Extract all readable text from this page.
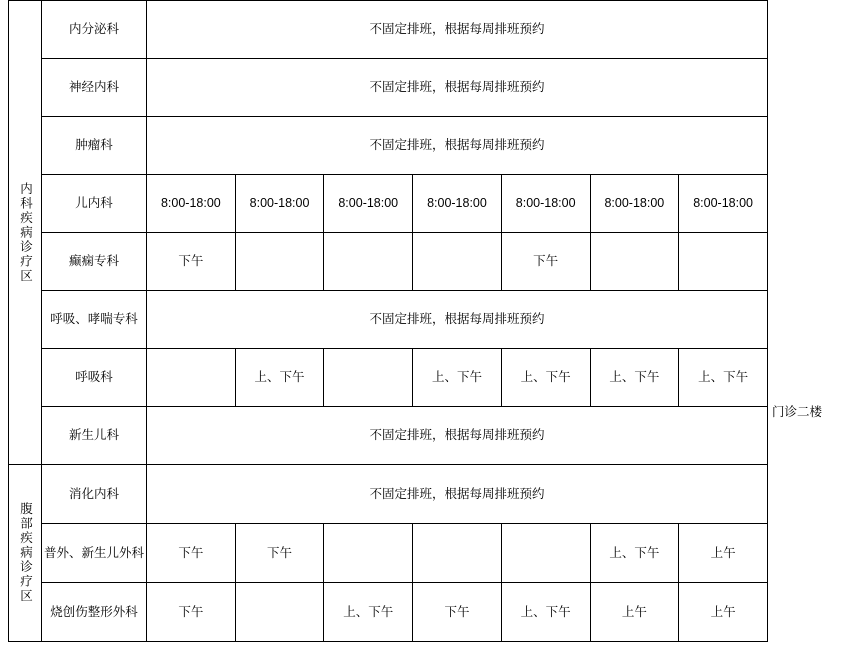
内科疾病诊疗区	内分泌科	不固定排班，根据每周排班预约						
	神经内科	不固定排班，根据每周排班预约						
	肿瘤科	不固定排班，根据每周排班预约						
	儿内科	8:00-18:00	8:00-18:00	8:00-18:00	8:00-18:00	8:00-18:00	8:00-18:00	8:00-18:00
	癫痫专科	下午				下午		
	呼吸、哮喘专科	不固定排班，根据每周排班预约						
	呼吸科		上、下午		上、下午	上、下午	上、下午	上、下午
	新生儿科	不固定排班，根据每周排班预约						

腹部疾病诊疗区	消化内科	不固定排班，根据每周排班预约						
	普外、新生儿外科	下午	下午				上、下午	上午
	烧创伤整形外科	下午		上、下午	下午	上、下午	上午	上午
门诊二楼
